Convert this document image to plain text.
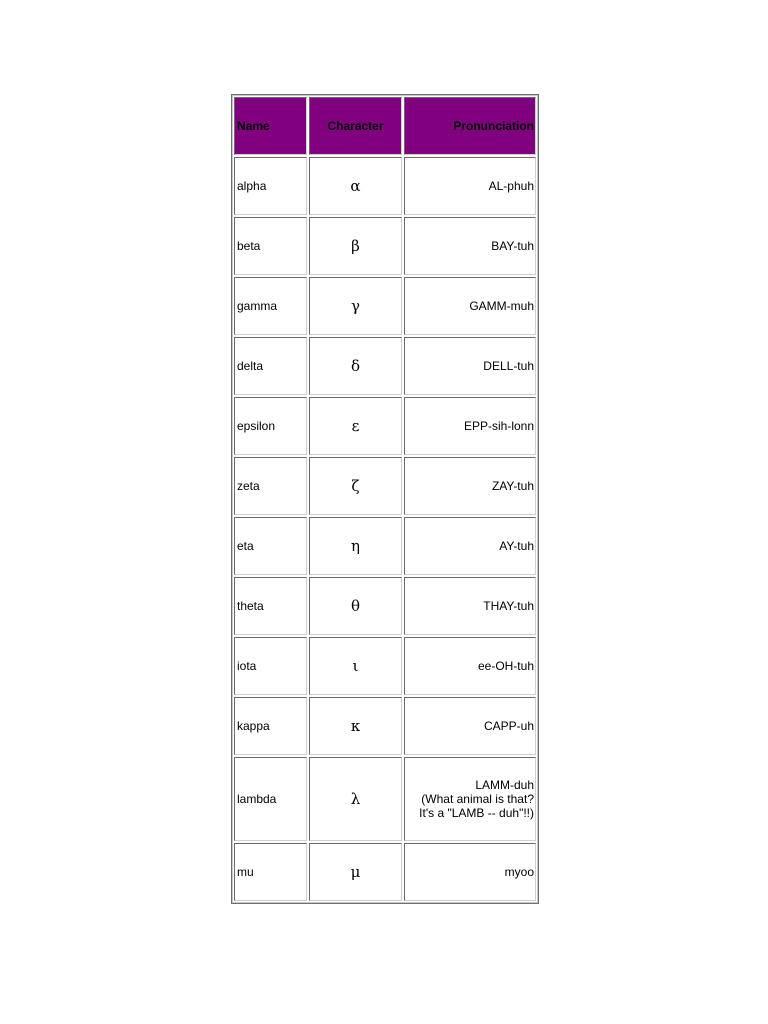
Name	Character	Pronunciation
alpha	α	AL-phuh

beta	β	BAY-tuh

gamma	γ	GAMM-muh

delta	δ	DELL-tuh

epsilon	ε	EPP-sih-lonn

zeta	ζ	ZAY-tuh

eta	η	AY-tuh

theta	θ	THAY-tuh

iota	ι	ee-OH-tuh

kappa	κ	CAPP-uh

lambda	λ	LAMM-duh
(What animal is that?
It's a "LAMB -- duh"!!)

mu	μ	myoo
